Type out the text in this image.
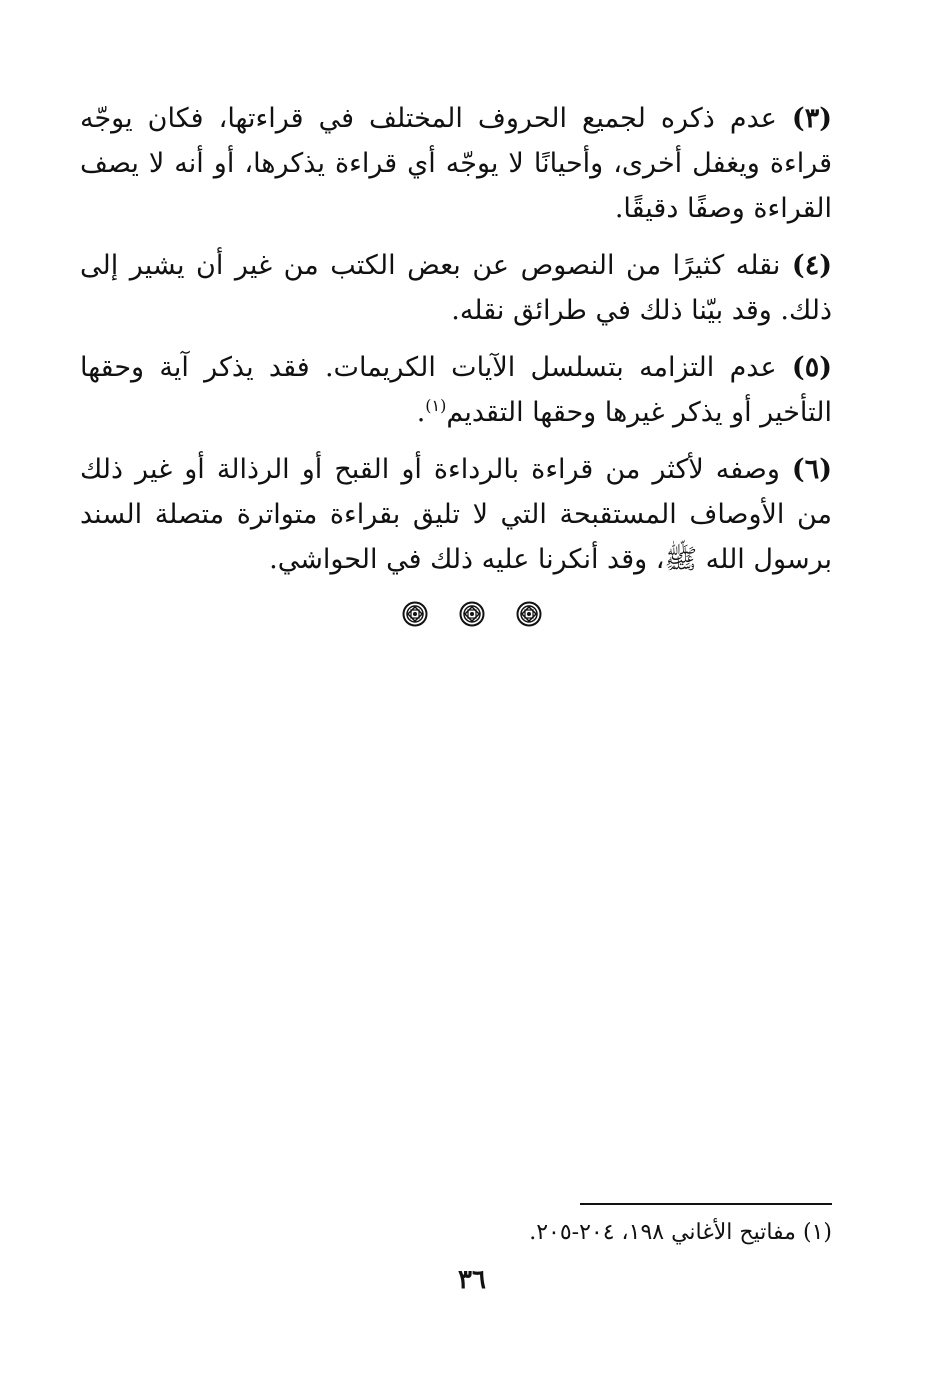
(٣) عدم ذكره لجميع الحروف المختلف في قراءتها، فكان يوجّه قراءة ويغفل أخرى، وأحيانًا لا يوجّه أي قراءة يذكرها، أو أنه لا يصف القراءة وصفًا دقيقًا.

(٤) نقله كثيرًا من النصوص عن بعض الكتب من غير أن يشير إلى ذلك. وقد بيّنا ذلك في طرائق نقله.

(٥) عدم التزامه بتسلسل الآيات الكريمات. فقد يذكر آية وحقها التأخير أو يذكر غيرها وحقها التقديم$^{(١)}$.

(٦) وصفه لأكثر من قراءة بالرداءة أو القبح أو الرذالة أو غير ذلك من الأوصاف المستقبحة التي لا تليق بقراءة متواترة متصلة السند برسول الله ﷺ، وقد أنكرنا عليه ذلك في الحواشي.

(١) مفاتيح الأغاني ١٩٨، ٢٠٤-٢٠٥.
٣٦
